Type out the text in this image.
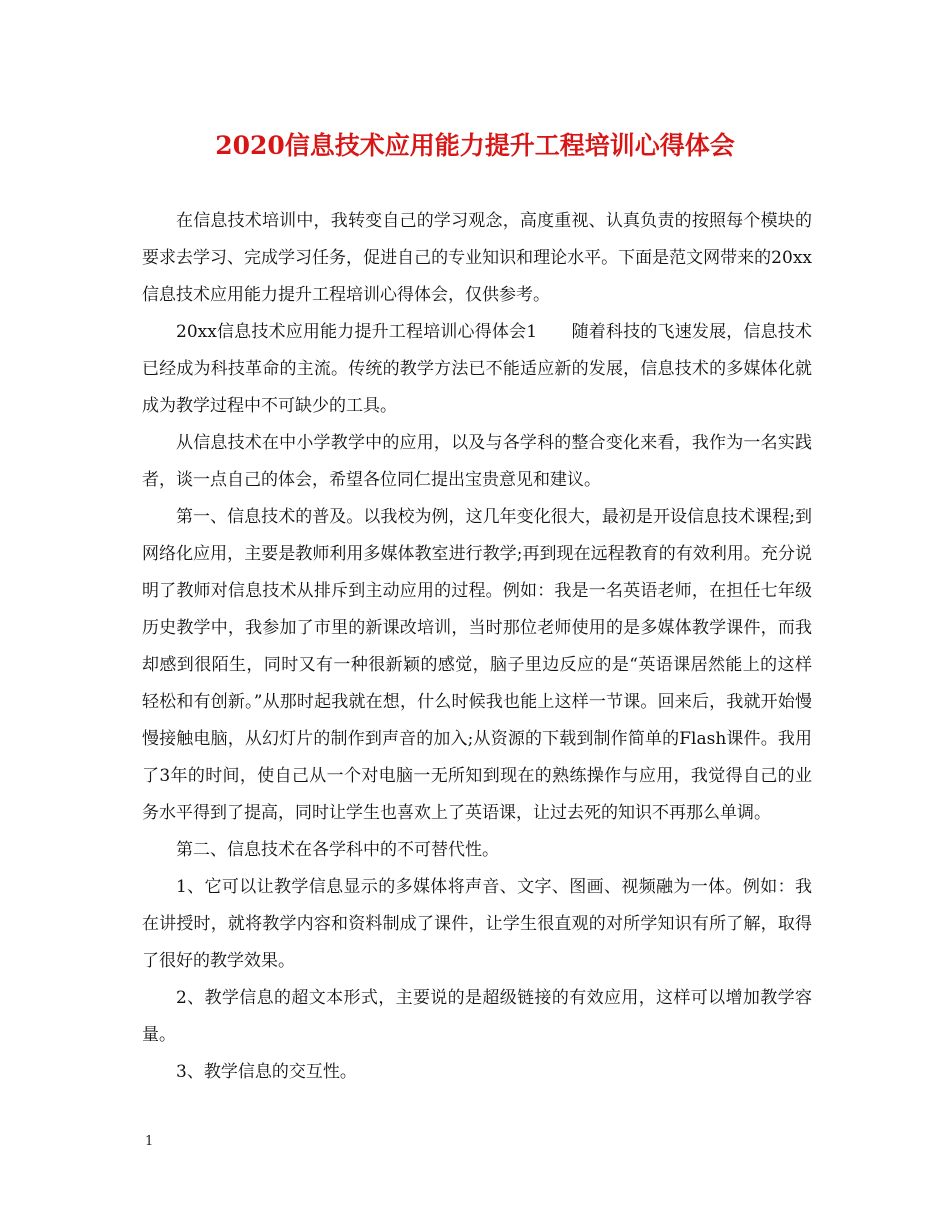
2020信息技术应用能力提升工程培训心得体会

在信息技术培训中，我转变自己的学习观念，高度重视、认真负责的按照每个模块的要求去学习、完成学习任务，促进自己的专业知识和理论水平。下面是范文网带来的20xx信息技术应用能力提升工程培训心得体会，仅供参考。

20xx信息技术应用能力提升工程培训心得体会1　　随着科技的飞速发展，信息技术已经成为科技革命的主流。传统的教学方法已不能适应新的发展，信息技术的多媒体化就成为教学过程中不可缺少的工具。

从信息技术在中小学教学中的应用，以及与各学科的整合变化来看，我作为一名实践者，谈一点自己的体会，希望各位同仁提出宝贵意见和建议。

第一、信息技术的普及。以我校为例，这几年变化很大，最初是开设信息技术课程;到网络化应用，主要是教师利用多媒体教室进行教学;再到现在远程教育的有效利用。充分说明了教师对信息技术从排斥到主动应用的过程。例如：我是一名英语老师，在担任七年级历史教学中，我参加了市里的新课改培训，当时那位老师使用的是多媒体教学课件，而我却感到很陌生，同时又有一种很新颖的感觉，脑子里边反应的是“英语课居然能上的这样轻松和有创新。”从那时起我就在想，什么时候我也能上这样一节课。回来后，我就开始慢慢接触电脑，从幻灯片的制作到声音的加入;从资源的下载到制作简单的Flash课件。我用了3年的时间，使自己从一个对电脑一无所知到现在的熟练操作与应用，我觉得自己的业务水平得到了提高，同时让学生也喜欢上了英语课，让过去死的知识不再那么单调。

第二、信息技术在各学科中的不可替代性。

1、它可以让教学信息显示的多媒体将声音、文字、图画、视频融为一体。例如：我在讲授时，就将教学内容和资料制成了课件，让学生很直观的对所学知识有所了解，取得了很好的教学效果。

2、教学信息的超文本形式，主要说的是超级链接的有效应用，这样可以增加教学容量。

3、教学信息的交互性。

1
